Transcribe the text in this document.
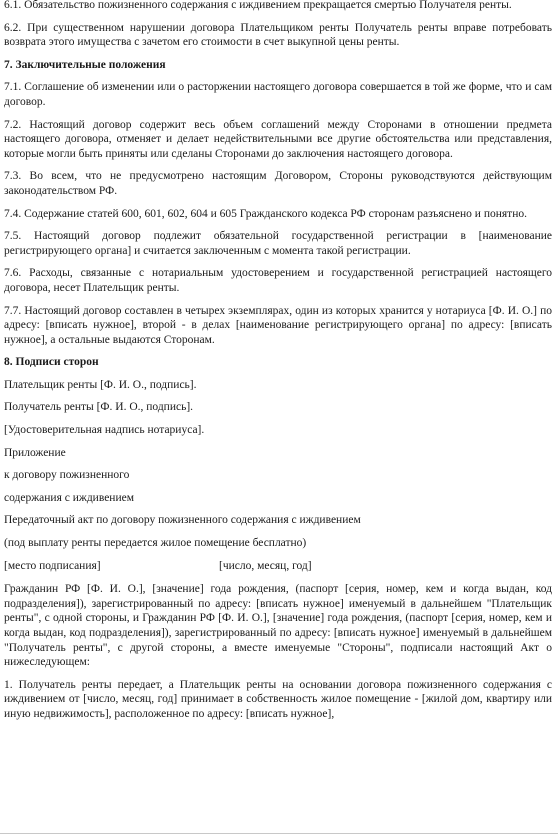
6.1. Обязательство пожизненного содержания с иждивением прекращается смертью Получателя ренты.

6.2. При существенном нарушении договора Плательщиком ренты Получатель ренты вправе потребовать возврата этого имущества с зачетом его стоимости в счет выкупной цены ренты.

7. Заключительные положения

7.1. Соглашение об изменении или о расторжении настоящего договора совершается в той же форме, что и сам договор.

7.2. Настоящий договор содержит весь объем соглашений между Сторонами в отношении предмета настоящего договора, отменяет и делает недействительными все другие обстоятельства или представления, которые могли быть приняты или сделаны Сторонами до заключения настоящего договора.

7.3. Во всем, что не предусмотрено настоящим Договором, Стороны руководствуются действующим законодательством РФ.

7.4. Содержание статей 600, 601, 602, 604 и 605 Гражданского кодекса РФ сторонам разъяснено и понятно.

7.5. Настоящий договор подлежит обязательной государственной регистрации в [наименование регистрирующего органа] и считается заключенным с момента такой регистрации.

7.6. Расходы, связанные с нотариальным удостоверением и государственной регистрацией настоящего договора, несет Плательщик ренты.

7.7. Настоящий договор составлен в четырех экземплярах, один из которых хранится у нотариуса [Ф. И. О.] по адресу: [вписать нужное], второй - в делах [наименование регистрирующего органа] по адресу: [вписать нужное], а остальные выдаются Сторонам.

8. Подписи сторон

Плательщик ренты [Ф. И. О., подпись].

Получатель ренты [Ф. И. О., подпись].

[Удостоверительная надпись нотариуса].

Приложение

к договору пожизненного

содержания с иждивением

Передаточный акт по договору пожизненного содержания с иждивением

(под выплату ренты передается жилое помещение бесплатно)

[место подписания]	[число, месяц, год]

Гражданин РФ [Ф. И. О.], [значение] года рождения, (паспорт [серия, номер, кем и когда выдан, код подразделения]), зарегистрированный по адресу: [вписать нужное] именуемый в дальнейшем "Плательщик ренты", с одной стороны, и Гражданин РФ [Ф. И. О.], [значение] года рождения, (паспорт [серия, номер, кем и когда выдан, код подразделения]), зарегистрированный по адресу: [вписать нужное] именуемый в дальнейшем "Получатель ренты", с другой стороны, а вместе именуемые "Стороны", подписали настоящий Акт о нижеследующем:

1. Получатель ренты передает, а Плательщик ренты на основании договора пожизненного содержания с иждивением от [число, месяц, год] принимает в собственность жилое помещение - [жилой дом, квартиру или иную недвижимость], расположенное по адресу: [вписать нужное],
